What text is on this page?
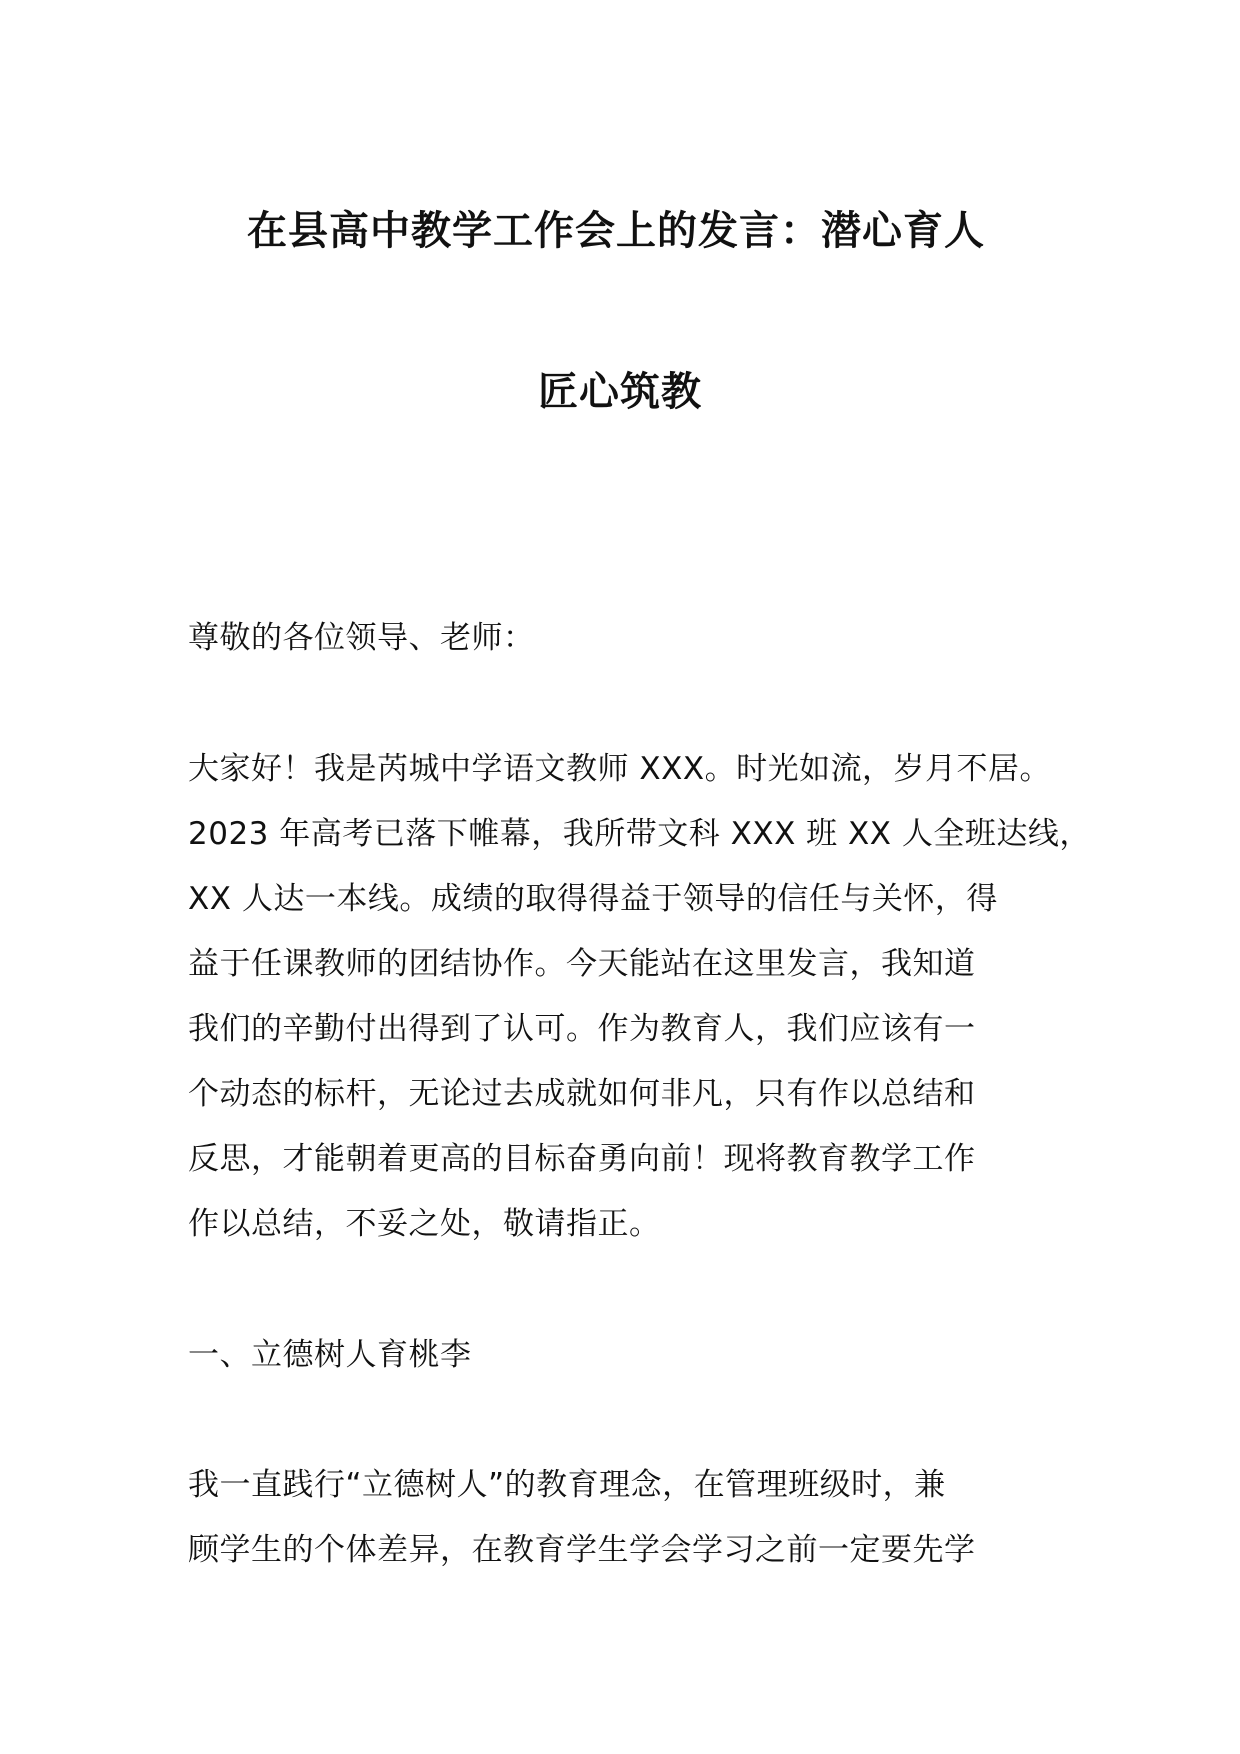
在县高中教学工作会上的发言：潜心育人
匠心筑教
尊敬的各位领导、老师：
大家好！我是芮城中学语文教师 XXX。时光如流，岁月不居。
2023 年高考已落下帷幕，我所带文科 XXX 班 XX 人全班达线，
XX 人达一本线。成绩的取得得益于领导的信任与关怀，得
益于任课教师的团结协作。今天能站在这里发言，我知道
我们的辛勤付出得到了认可。作为教育人，我们应该有一
个动态的标杆，无论过去成就如何非凡，只有作以总结和
反思，才能朝着更高的目标奋勇向前！现将教育教学工作
作以总结，不妥之处，敬请指正。
一、立德树人育桃李
我一直践行“立德树人”的教育理念，在管理班级时，兼
顾学生的个体差异，在教育学生学会学习之前一定要先学
